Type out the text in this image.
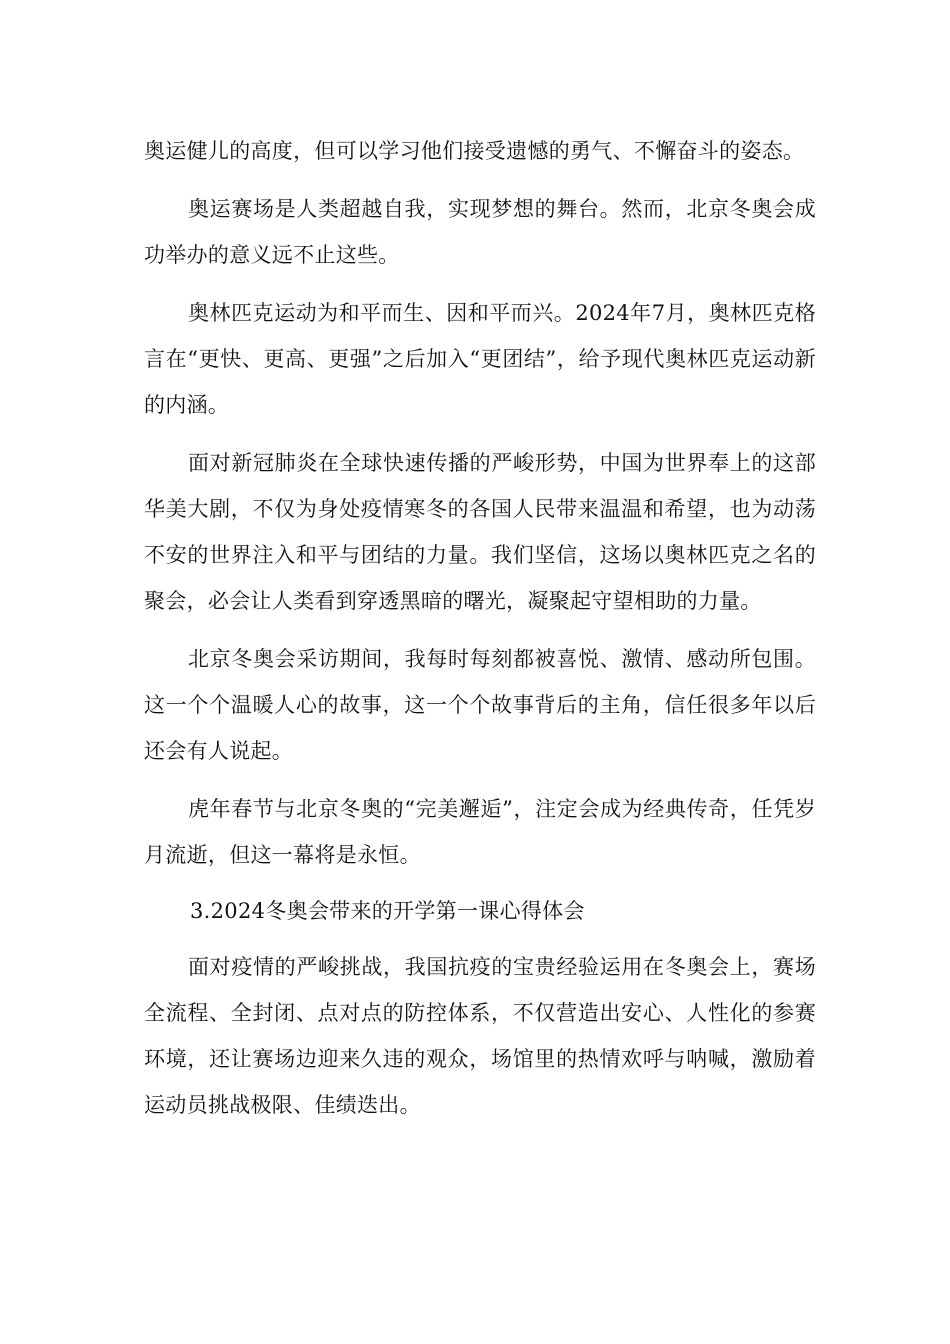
奥运健儿的高度，但可以学习他们接受遗憾的勇气、不懈奋斗的姿态。

奥运赛场是人类超越自我，实现梦想的舞台。然而，北京冬奥会成功举办的意义远不止这些。

奥林匹克运动为和平而生、因和平而兴。2024年7月，奥林匹克格言在“更快、更高、更强”之后加入“更团结”，给予现代奥林匹克运动新的内涵。

面对新冠肺炎在全球快速传播的严峻形势，中国为世界奉上的这部华美大剧，不仅为身处疫情寒冬的各国人民带来温温和希望，也为动荡不安的世界注入和平与团结的力量。我们坚信，这场以奥林匹克之名的聚会，必会让人类看到穿透黑暗的曙光，凝聚起守望相助的力量。

北京冬奥会采访期间，我每时每刻都被喜悦、激情、感动所包围。这一个个温暖人心的故事，这一个个故事背后的主角，信任很多年以后还会有人说起。

虎年春节与北京冬奥的“完美邂逅”，注定会成为经典传奇，任凭岁月流逝，但这一幕将是永恒。

3.2024冬奥会带来的开学第一课心得体会

面对疫情的严峻挑战，我国抗疫的宝贵经验运用在冬奥会上，赛场全流程、全封闭、点对点的防控体系，不仅营造出安心、人性化的参赛环境，还让赛场边迎来久违的观众，场馆里的热情欢呼与呐喊，激励着运动员挑战极限、佳绩迭出。
